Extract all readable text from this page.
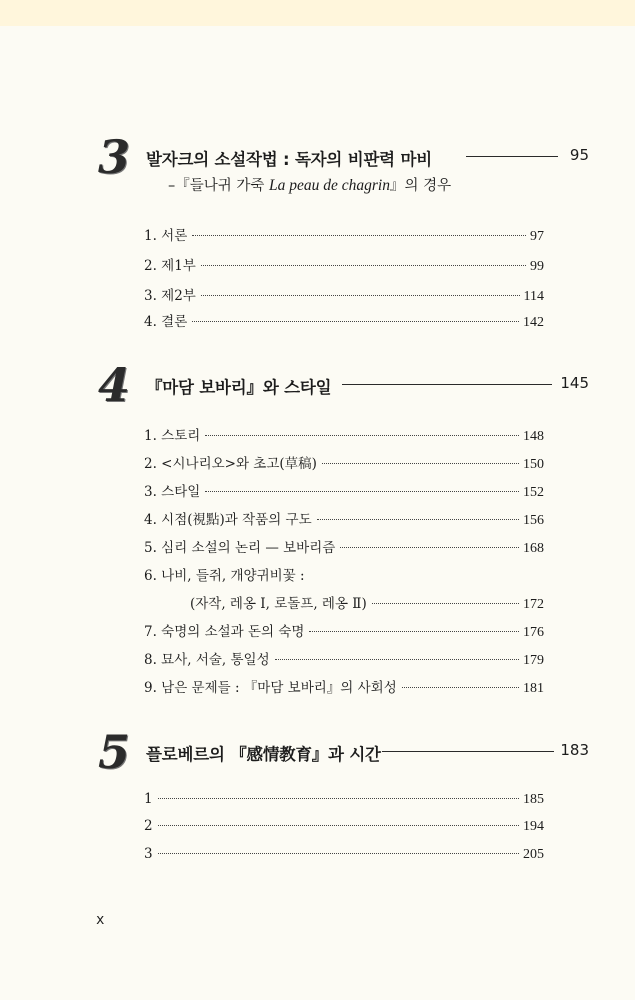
3 발자크의 소설작법 : 독자의 비판력 마비	95
–『들나귀 가죽 La peau de chagrin』의 경우
1. 서론	97
2. 제1부	99
3. 제2부	114
4. 결론	142
4 『마담 보바리』와 스타일	145
1. 스토리	148
2. <시나리오>와 초고(草稿)	150
3. 스타일	152
4. 시점(視點)과 작품의 구도	156
5. 심리 소설의 논리 — 보바리즘	168
6. 나비, 들쥐, 개양귀비꽃 :
(자작, 레옹 Ⅰ, 로돌프, 레옹 Ⅱ)	172
7. 숙명의 소설과 돈의 숙명	176
8. 묘사, 서술, 통일성	179
9. 남은 문제들 : 『마담 보바리』의 사회성	181
5 플로베르의 『感情教育』과 시간	183
1	185
2	194
3	205
x
